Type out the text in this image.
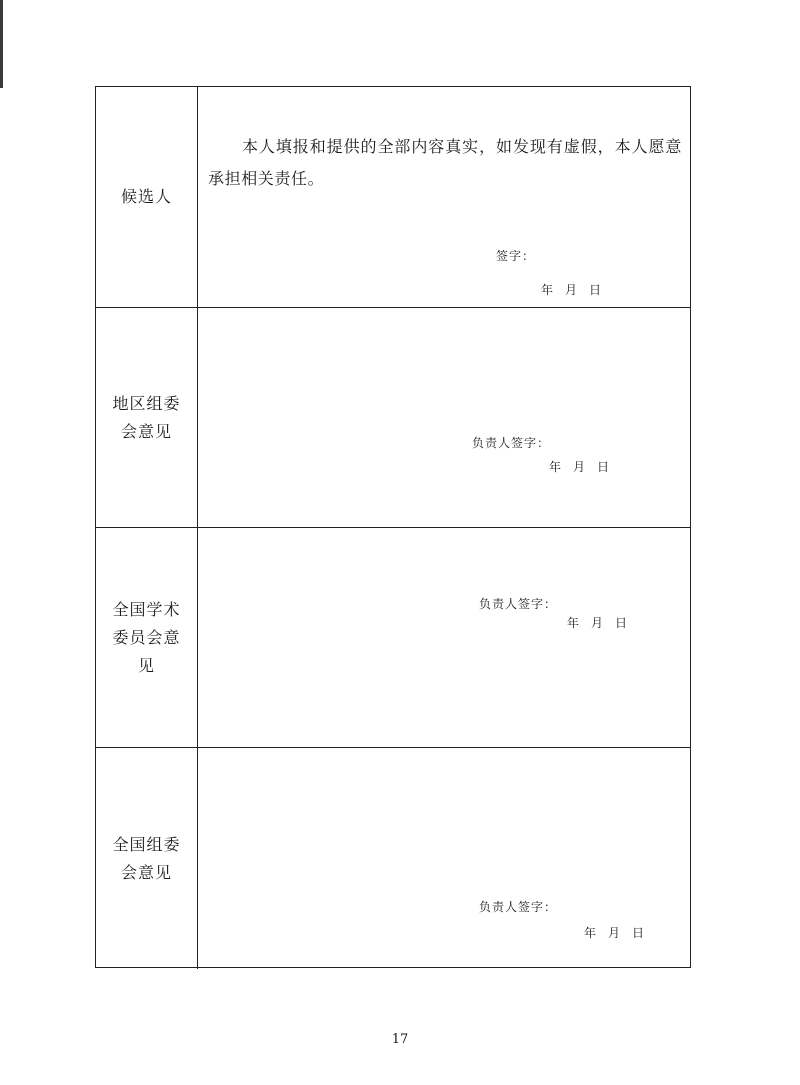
候选人
本人填报和提供的全部内容真实，如发现有虚假，本人愿意承担相关责任。
签字：
年　月　日
地区组委会意见
负责人签字：
年　月　日
全国学术委员会意见
负责人签字：
年　月　日
全国组委会意见
负责人签字：
年　月　日
17
